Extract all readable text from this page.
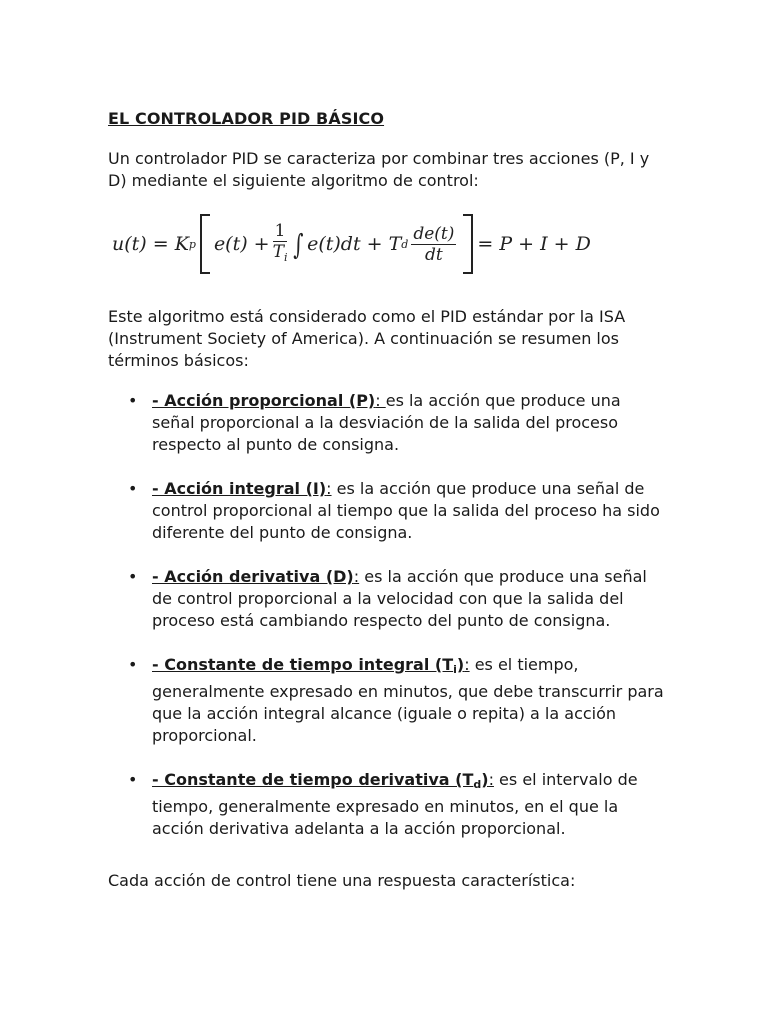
EL CONTROLADOR PID BÁSICO

Un controlador PID se caracteriza por combinar tres acciones (P, I y D) mediante el siguiente algoritmo de control:

u(t) = K p $e(t) + \frac{1}{T_i}$ ∫ e(t)dt + T d $\frac{de(t)}{dt} = P + I + D$

Este algoritmo está considerado como el PID estándar por la ISA (Instrument Society of America). A continuación se resumen los términos básicos:

• - Acción proporcional (P): es la acción que produce una señal proporcional a la desviación de la salida del proceso respecto al punto de consigna.
• - Acción integral (I): es la acción que produce una señal de control proporcional al tiempo que la salida del proceso ha sido diferente del punto de consigna.
• - Acción derivativa (D): es la acción que produce una señal de control proporcional a la velocidad con que la salida del proceso está cambiando respecto del punto de consigna.
• - Constante de tiempo integral (Ti): es el tiempo, generalmente expresado en minutos, que debe transcurrir para que la acción integral alcance (iguale o repita) a la acción proporcional.
• - Constante de tiempo derivativa (Td): es el intervalo de tiempo, generalmente expresado en minutos, en el que la acción derivativa adelanta a la acción proporcional.

Cada acción de control tiene una respuesta característica:
